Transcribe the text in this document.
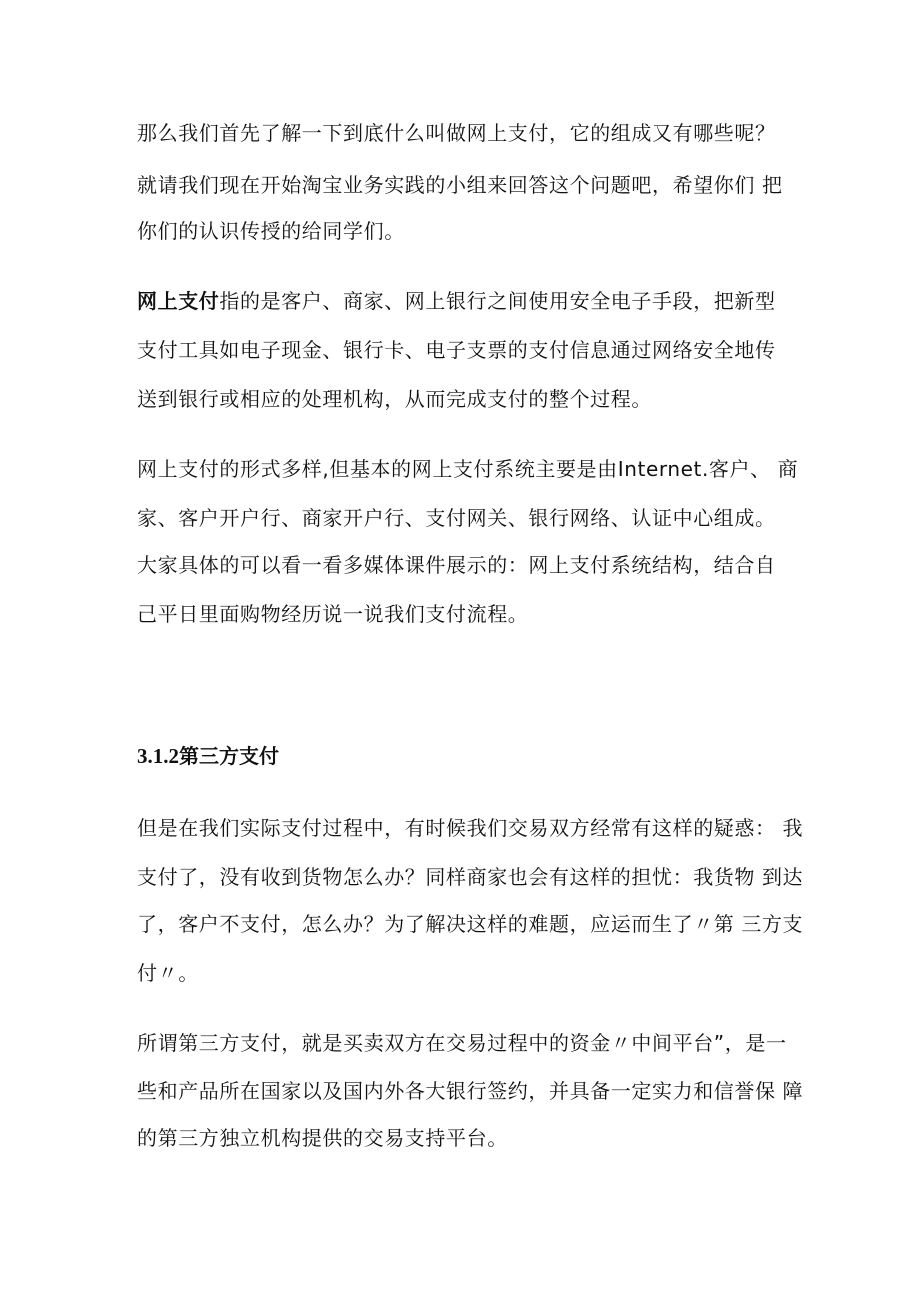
那么我们首先了解一下到底什么叫做网上支付，它的组成又有哪些呢？
就请我们现在开始淘宝业务实践的小组来回答这个问题吧，希望你们 把
你们的认识传授的给同学们。
网上支付指的是客户、商家、网上银行之间使用安全电子手段，把新型
支付工具如电子现金、银行卡、电子支票的支付信息通过网络安全地传
送到银行或相应的处理机构，从而完成支付的整个过程。
网上支付的形式多样,但基本的网上支付系统主要是由Internet.客户、 商
家、客户开户行、商家开户行、支付网关、银行网络、认证中心组成。
大家具体的可以看一看多媒体课件展示的：网上支付系统结构，结合自
己平日里面购物经历说一说我们支付流程。
3.1.2第三方支付
但是在我们实际支付过程中，有时候我们交易双方经常有这样的疑惑： 我
支付了，没有收到货物怎么办？同样商家也会有这样的担忧：我货物 到达
了，客户不支付，怎么办？为了解决这样的难题，应运而生了〃第 三方支
付〃。
所谓第三方支付，就是买卖双方在交易过程中的资金〃中间平台”，是一
些和产品所在国家以及国内外各大银行签约，并具备一定实力和信誉保 障
的第三方独立机构提供的交易支持平台。
